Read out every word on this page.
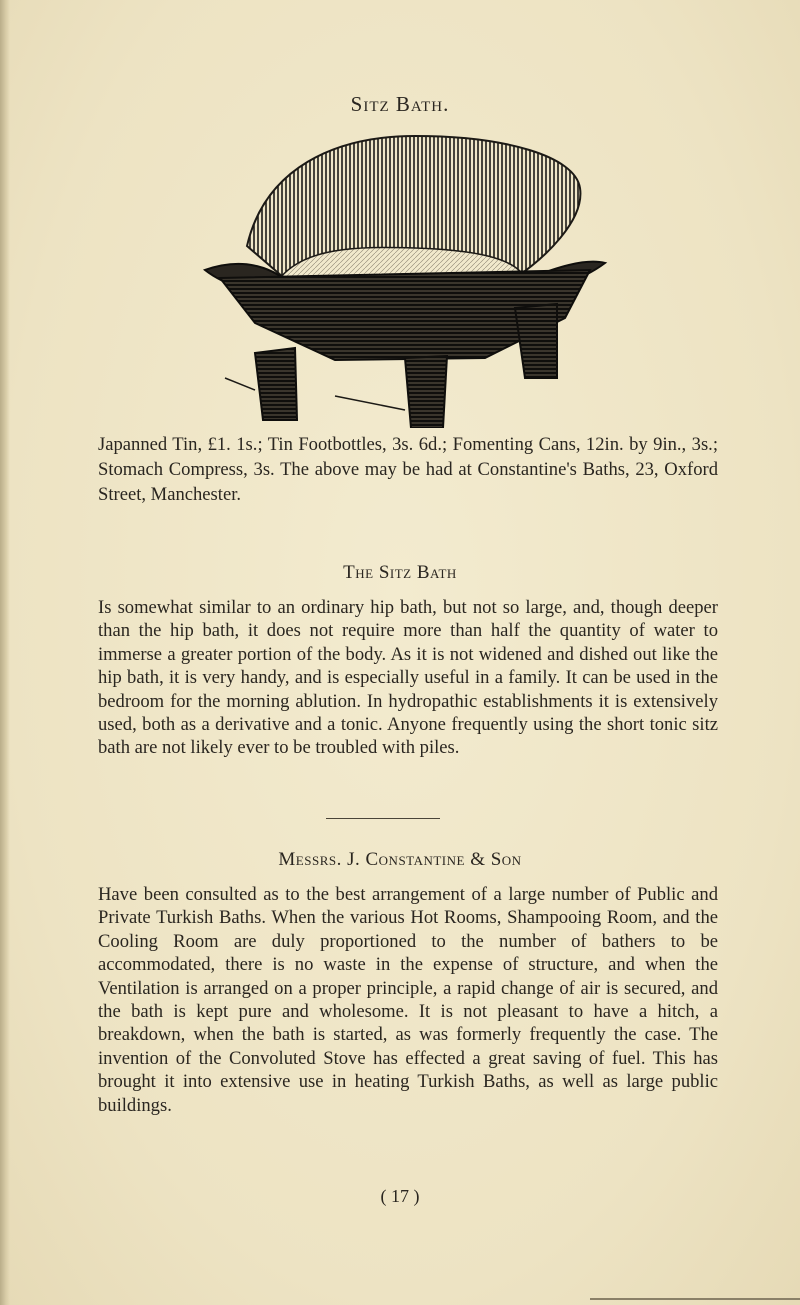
Sitz Bath.
Japanned Tin, £1. 1s.; Tin Footbottles, 3s. 6d.; Fomenting Cans, 12in. by 9in., 3s.; Stomach Compress, 3s. The above may be had at Constantine's Baths, 23, Oxford Street, Manchester.
The Sitz Bath
Is somewhat similar to an ordinary hip bath, but not so large, and, though deeper than the hip bath, it does not require more than half the quantity of water to immerse a greater portion of the body. As it is not widened and dished out like the hip bath, it is very handy, and is especially useful in a family. It can be used in the bedroom for the morning ablution. In hydropathic establishments it is extensively used, both as a derivative and a tonic. Anyone frequently using the short tonic sitz bath are not likely ever to be troubled with piles.
Messrs. J. Constantine & Son
Have been consulted as to the best arrangement of a large number of Public and Private Turkish Baths. When the various Hot Rooms, Shampooing Room, and the Cooling Room are duly proportioned to the number of bathers to be accommodated, there is no waste in the expense of structure, and when the Ventilation is arranged on a proper principle, a rapid change of air is secured, and the bath is kept pure and wholesome. It is not pleasant to have a hitch, a breakdown, when the bath is started, as was formerly frequently the case. The invention of the Convoluted Stove has effected a great saving of fuel. This has brought it into extensive use in heating Turkish Baths, as well as large public buildings.
( 17 )
